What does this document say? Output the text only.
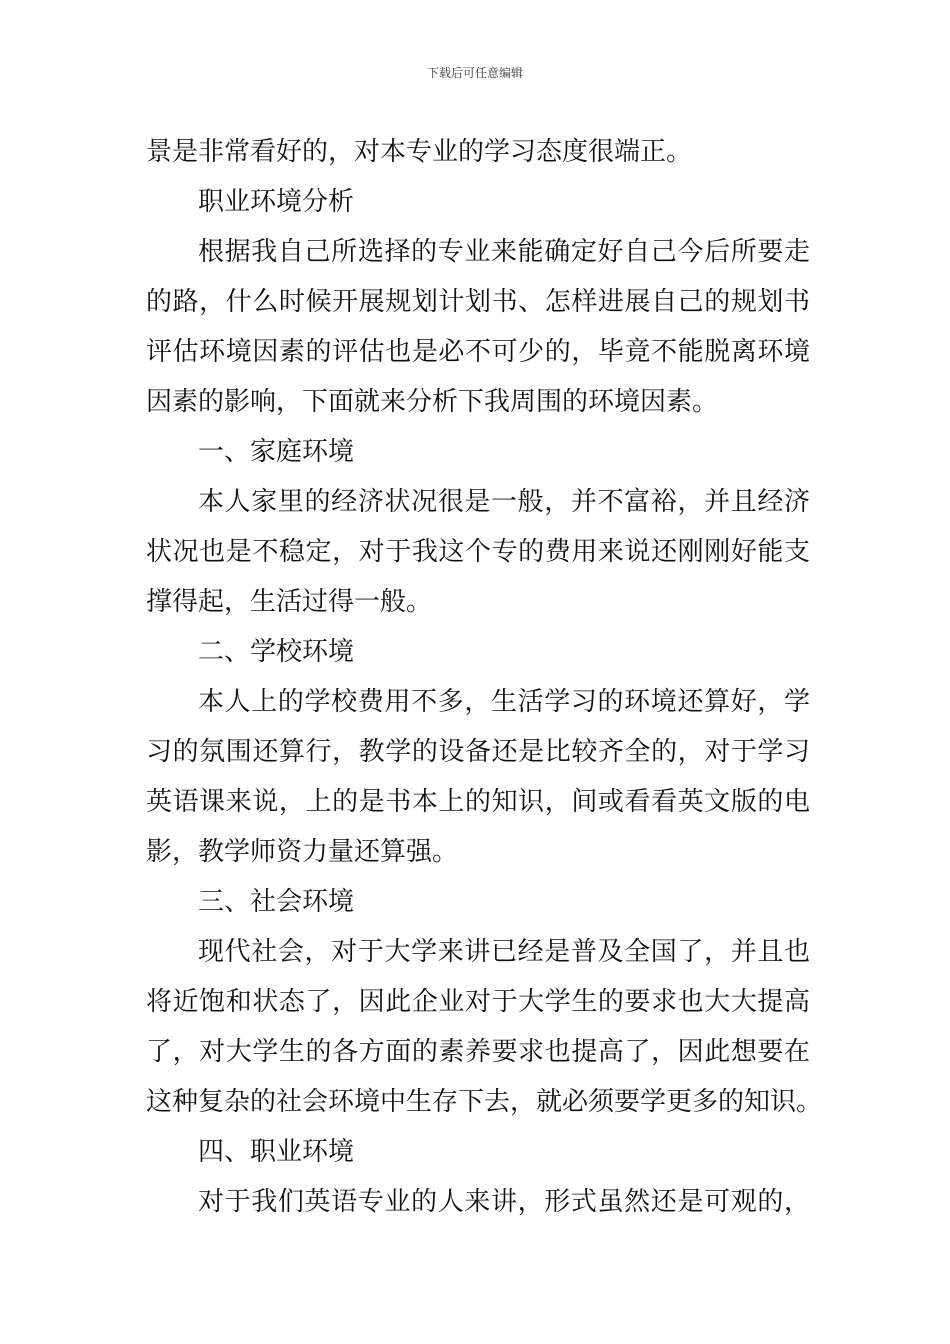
下载后可任意编辑
景是非常看好的，对本专业的学习态度很端正。
职业环境分析
根据我自己所选择的专业来能确定好自己今后所要走
的路，什么时候开展规划计划书、怎样进展自己的规划书
评估环境因素的评估也是必不可少的，毕竟不能脱离环境
因素的影响，下面就来分析下我周围的环境因素。
一、家庭环境
本人家里的经济状况很是一般，并不富裕，并且经济
状况也是不稳定，对于我这个专的费用来说还刚刚好能支
撑得起，生活过得一般。
二、学校环境
本人上的学校费用不多，生活学习的环境还算好，学
习的氛围还算行，教学的设备还是比较齐全的，对于学习
英语课来说，上的是书本上的知识，间或看看英文版的电
影，教学师资力量还算强。
三、社会环境
现代社会，对于大学来讲已经是普及全国了，并且也
将近饱和状态了，因此企业对于大学生的要求也大大提高
了，对大学生的各方面的素养要求也提高了，因此想要在
这种复杂的社会环境中生存下去，就必须要学更多的知识。
四、职业环境
对于我们英语专业的人来讲，形式虽然还是可观的，
